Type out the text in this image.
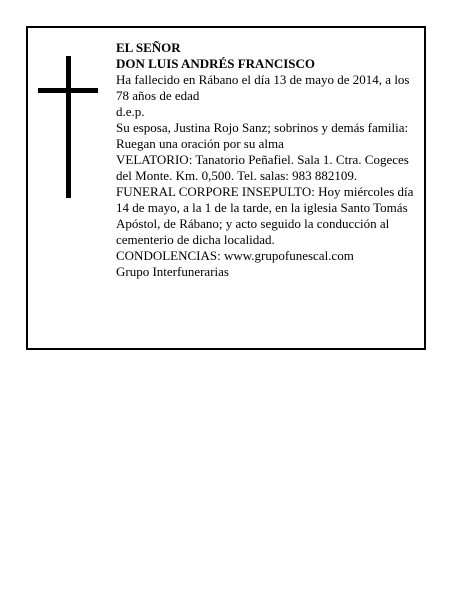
EL SEÑOR

DON LUIS ANDRÉS FRANCISCO

Ha fallecido en Rábano el día 13 de mayo de 2014, a los 78 años de edad

d.e.p.

Su esposa, Justina Rojo Sanz; sobrinos y demás familia: Ruegan una oración por su alma

VELATORIO: Tanatorio Peñafiel. Sala 1. Ctra. Cogeces del Monte. Km. 0,500. Tel. salas: 983 882109.

FUNERAL CORPORE INSEPULTO: Hoy miércoles día 14 de mayo, a la 1 de la tarde, en la iglesia Santo Tomás Apóstol, de Rábano; y acto seguido la conducción al cementerio de dicha localidad.

CONDOLENCIAS: www.grupofunescal.com

Grupo Interfunerarias
